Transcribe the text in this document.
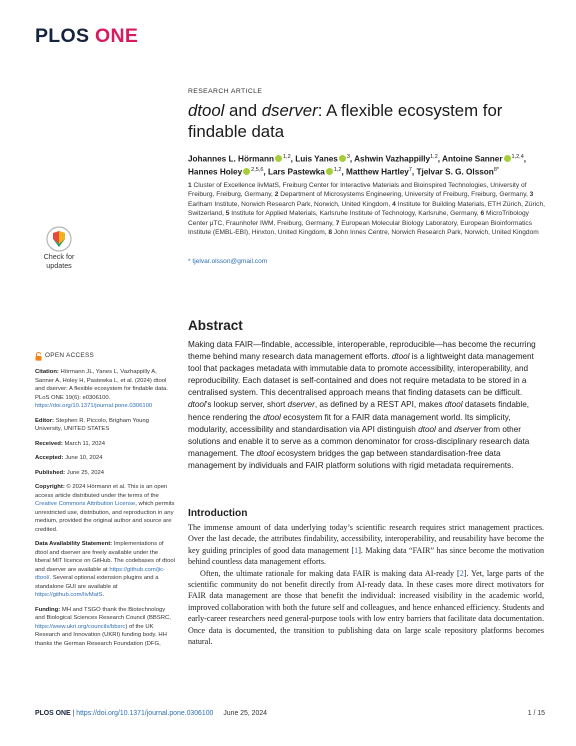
PLOS ONE
Check for
updates
RESEARCH ARTICLE
dtool and dserver: A flexible ecosystem for findable data
Johannes L. Hörmann $^{1,2}$, Luis Yanes $^3$, Ashwin Vazhappilly$^{1,2}$, Antoine Sanner $^{1,2,4}$, Hannes Holey $^{2,5,6}$, Lars Pastewka $^{1,2}$, Matthew Hartley$^7$, Tjelvar S. G. Olsson$^{8*}$
1 Cluster of Excellence livMatS, Freiburg Center for Interactive Materials and Bioinspired Technologies, University of Freiburg, Freiburg, Germany, 2 Department of Microsystems Engineering, University of Freiburg, Freiburg, Germany, 3 Earlham Institute, Norwich Research Park, Norwich, United Kingdom, 4 Institute for Building Materials, ETH Zürich, Zürich, Switzerland, 5 Institute for Applied Materials, Karlsruhe Institute of Technology, Karlsruhe, Germany, 6 MicroTribology Center µTC, Fraunhofer IWM, Freiburg, Germany, 7 European Molecular Biology Laboratory, European Bioinformatics Institute (EMBL-EBI), Hinxton, United Kingdom, 8 John Innes Centre, Norwich Research Park, Norwich, United Kingdom
* tjelvar.olsson@gmail.com
OPEN ACCESS
Citation: Hörmann JL, Yanes L, Vazhappilly A, Sanner A, Holey H, Pastewka L, et al. (2024) dtool and dserver: A flexible ecosystem for findable data. PLoS ONE 19(6): e0306100. https://doi.org/10.1371/journal.pone.0306100
Editor: Stephen R. Piccolo, Brigham Young University, UNITED STATES
Received: March 11, 2024
Accepted: June 10, 2024
Published: June 25, 2024
Copyright: © 2024 Hörmann et al. This is an open access article distributed under the terms of the Creative Commons Attribution License, which permits unrestricted use, distribution, and reproduction in any medium, provided the original author and source are credited.
Data Availability Statement: Implementations of dtool and dserver are freely available under the liberal MIT licence on GitHub. The codebases of dtool and dserver are available at https://github.com/jic-dtool/. Several optional extension plugins and a standalone GUI are available at https://github.com/livMatS.
Funding: MH and TSGO thank the Biotechnology and Biological Sciences Research Council (BBSRC, https://www.ukri.org/councils/bbsrc) of the UK Research and Innovation (UKRI) funding body. HH thanks the German Research Foundation (DFG,
Abstract

Making data FAIR—findable, accessible, interoperable, reproducible—has become the recurring theme behind many research data management efforts. dtool is a lightweight data management tool that packages metadata with immutable data to promote accessibility, interoperability, and reproducibility. Each dataset is self-contained and does not require metadata to be stored in a centralised system. This decentralised approach means that finding datasets can be difficult. dtool’s lookup server, short dserver, as defined by a REST API, makes dtool datasets findable, hence rendering the dtool ecosystem fit for a FAIR data management world. Its simplicity, modularity, accessibility and standardisation via API distinguish dtool and dserver from other solutions and enable it to serve as a common denominator for cross-disciplinary research data management. The dtool ecosystem bridges the gap between standardisation-free data management by individuals and FAIR platform solutions with rigid metadata requirements.

Introduction

The immense amount of data underlying today’s scientific research requires strict management practices. Over the last decade, the attributes findability, accessibility, interoperability, and reusability have become the key guiding principles of good data management [1]. Making data “FAIR” has since become the motivation behind countless data management efforts.

Often, the ultimate rationale for making data FAIR is making data AI-ready [2]. Yet, large parts of the scientific community do not benefit directly from AI-ready data. In these cases more direct motivators for FAIR data management are those that benefit the individual: increased visibility in the academic world, improved collaboration with both the future self and colleagues, and hence enhanced efficiency. Students and early-career researchers need general-purpose tools with low entry barriers that facilitate data documentation. Once data is documented, the transition to publishing data on large scale repository platforms becomes natural.

PLOS ONE | https://doi.org/10.1371/journal.pone.0306100 June 25, 2024	1 / 15
